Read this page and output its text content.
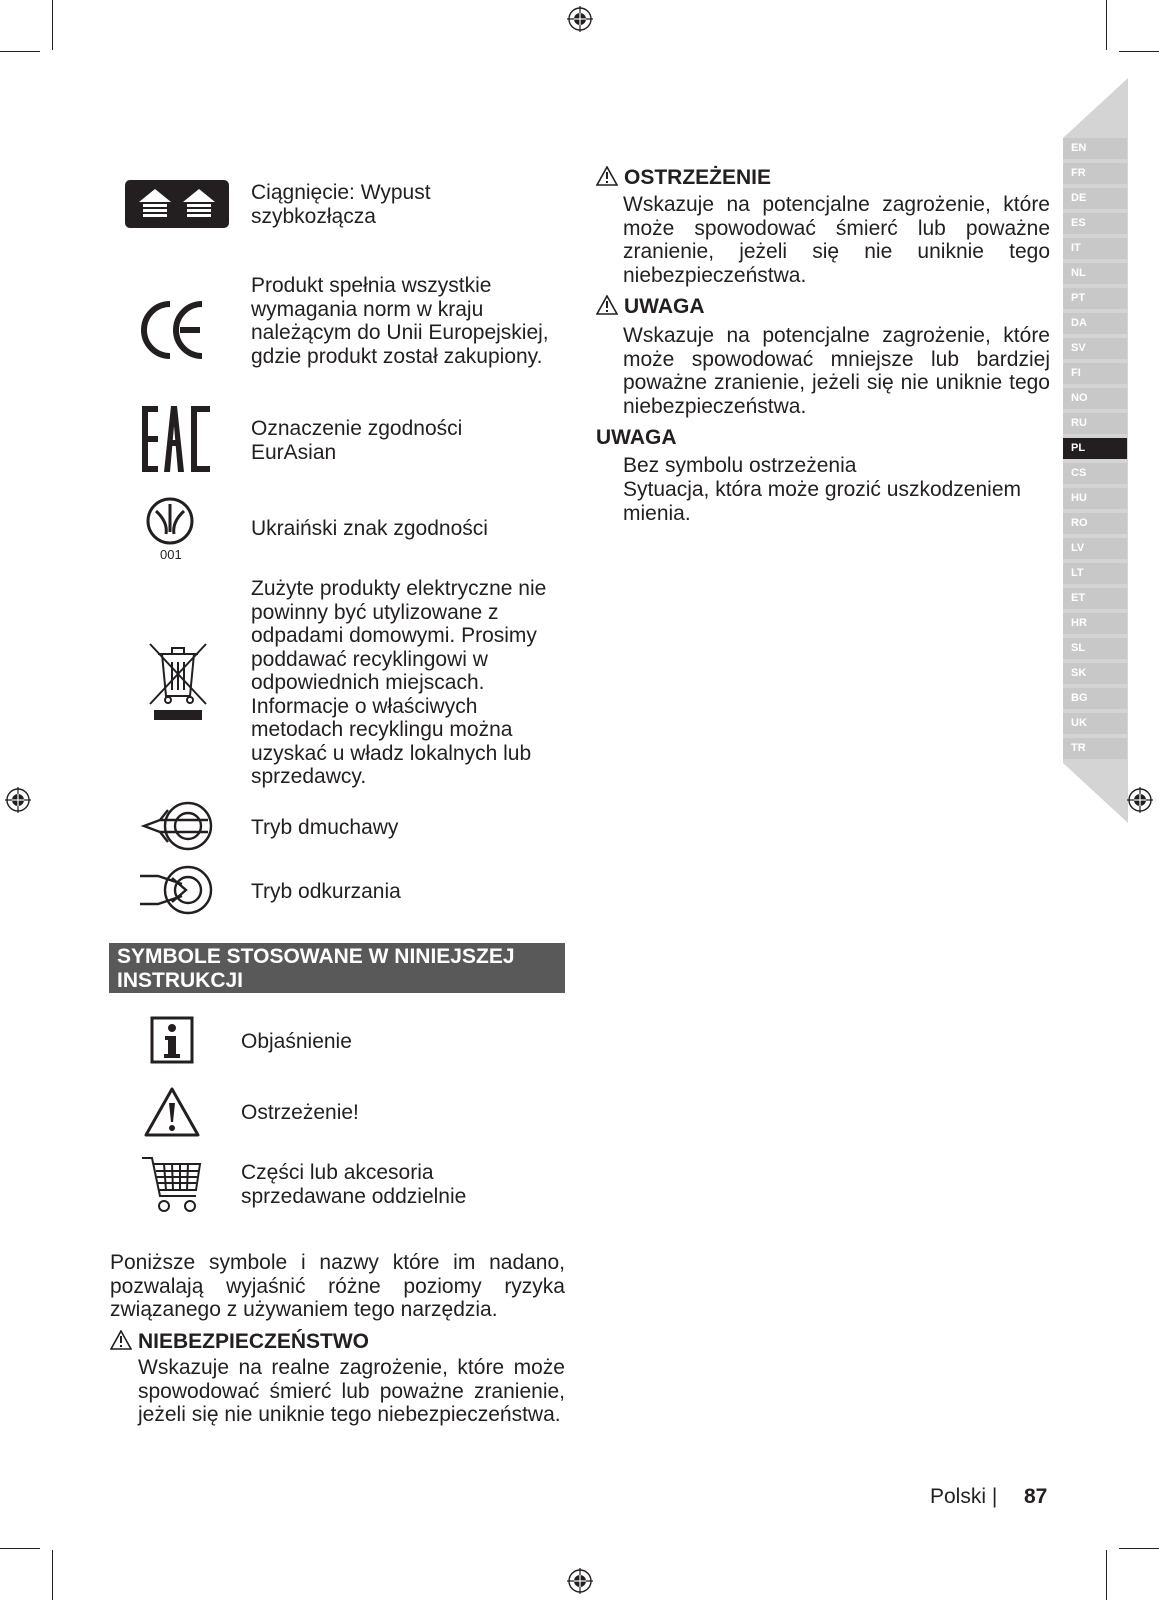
EN
FR
DE
ES
IT
NL
PT
DA
SV
FI
NO
RU
PL
CS
HU
RO
LV
LT
ET
HR
SL
SK
BG
UK
TR
Ciągnięcie: Wypust szybkozłącza
Produkt spełnia wszystkie wymagania norm w kraju należącym do Unii Europejskiej, gdzie produkt został zakupiony.
Oznaczenie zgodności EurAsian
001
Ukraiński znak zgodności
Zużyte produkty elektryczne nie powinny być utylizowane z odpadami domowymi. Prosimy poddawać recyklingowi w odpowiednich miejscach. Informacje o właściwych metodach recyklingu można uzyskać u władz lokalnych lub sprzedawcy.
Tryb dmuchawy
Tryb odkurzania
SYMBOLE STOSOWANE W NINIEJSZEJ INSTRUKCJI
Objaśnienie
Ostrzeżenie!
Części lub akcesoria sprzedawane oddzielnie
Poniższe symbole i nazwy które im nadano, pozwalają wyjaśnić różne poziomy ryzyka związanego z używaniem tego narzędzia.
NIEBEZPIECZEŃSTWO
Wskazuje na realne zagrożenie, które może spowodować śmierć lub poważne zranienie, jeżeli się nie uniknie tego niebezpieczeństwa.
OSTRZEŻENIE
Wskazuje na potencjalne zagrożenie, które może spowodować śmierć lub poważne zranienie, jeżeli się nie uniknie tego niebezpieczeństwa.
UWAGA
Wskazuje na potencjalne zagrożenie, które może spowodować mniejsze lub bardziej poważne zranienie, jeżeli się nie uniknie tego niebezpieczeństwa.
UWAGA
Bez symbolu ostrzeżenia
Sytuacja, która może grozić uszkodzeniem mienia.
Polski | 87
